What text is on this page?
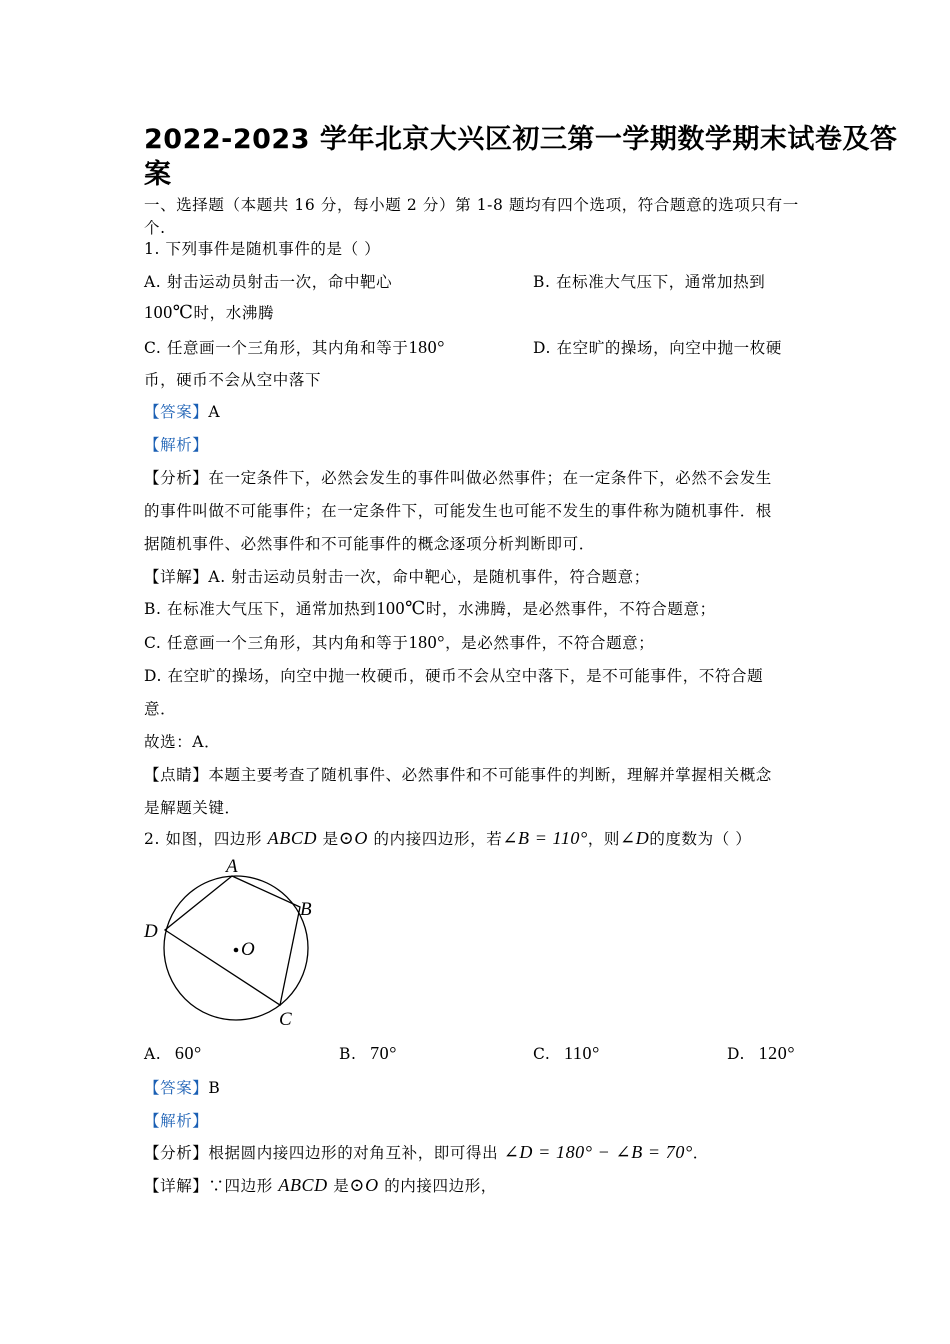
2022-2023 学年北京大兴区初三第一学期数学期末试卷及答
案
一、选择题（本题共 16 分，每小题 2 分）第 1-8 题均有四个选项，符合题意的选项只有一
个.
1. 下列事件是随机事件的是（ ）
A. 射击运动员射击一次，命中靶心	B. 在标准大气压下，通常加热到
100℃时，水沸腾
C. 任意画一个三角形，其内角和等于180°	D. 在空旷的操场，向空中抛一枚硬
币，硬币不会从空中落下
【答案】A
【解析】
【分析】在一定条件下，必然会发生的事件叫做必然事件；在一定条件下，必然不会发生
的事件叫做不可能事件；在一定条件下，可能发生也可能不发生的事件称为随机事件．根
据随机事件、必然事件和不可能事件的概念逐项分析判断即可．
【详解】A. 射击运动员射击一次，命中靶心，是随机事件，符合题意；
B. 在标准大气压下，通常加热到100℃时，水沸腾，是必然事件，不符合题意；
C. 任意画一个三角形，其内角和等于180°，是必然事件，不符合题意；
D. 在空旷的操场，向空中抛一枚硬币，硬币不会从空中落下，是不可能事件，不符合题
意．
故选：A．
【点睛】本题主要考查了随机事件、必然事件和不可能事件的判断，理解并掌握相关概念
是解题关键．
2. 如图，四边形 ABCD 是⊙O 的内接四边形，若∠B = 110°，则∠D的度数为（ ）
A
B
C
D
O
A. 60°	B. 70°	C. 110°	D. 120°
【答案】B
【解析】
【分析】根据圆内接四边形的对角互补，即可得出 ∠D = 180° − ∠B = 70°．
【详解】∵四边形 ABCD 是⊙O 的内接四边形，
